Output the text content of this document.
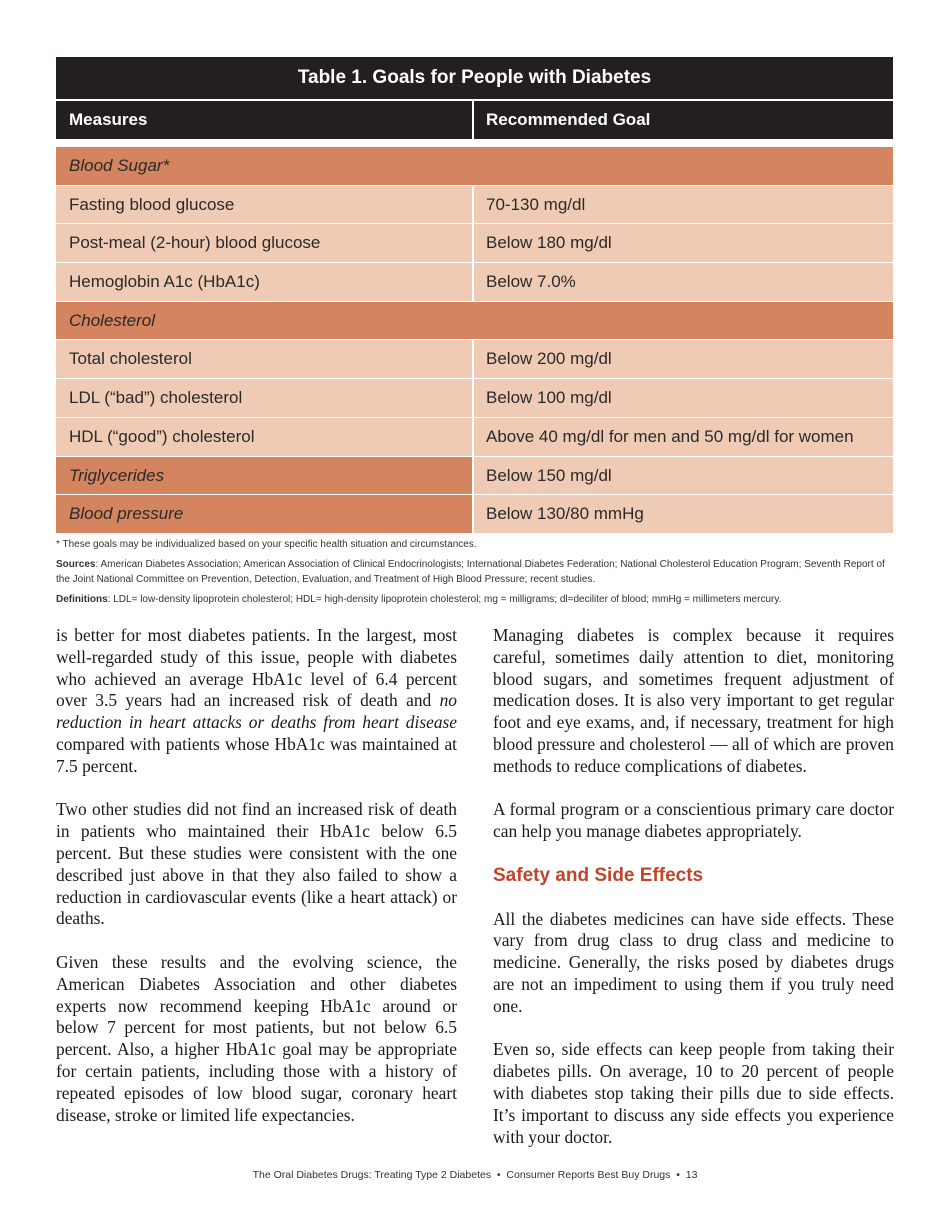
Table 1. Goals for People with Diabetes
Measures	Recommended Goal
Blood Sugar*
Fasting blood glucose	70-130 mg/dl
Post-meal (2-hour) blood glucose	Below 180 mg/dl
Hemoglobin A1c (HbA1c)	Below 7.0%
Cholesterol
Total cholesterol	Below 200 mg/dl
LDL (“bad”) cholesterol	Below 100 mg/dl
HDL (“good”) cholesterol	Above 40 mg/dl for men and 50 mg/dl for women
Triglycerides	Below 150 mg/dl
Blood pressure	Below 130/80 mmHg

* These goals may be individualized based on your specific health situation and circumstances.

Sources: American Diabetes Association; American Association of Clinical Endocrinologists; International Diabetes Federation; National Cholesterol Education Program; Seventh Report of the Joint National Committee on Prevention, Detection, Evaluation, and Treatment of High Blood Pressure; recent studies.

Definitions: LDL= low-density lipoprotein cholesterol; HDL= high-density lipoprotein cholesterol; mg = milligrams; dl=deciliter of blood; mmHg = millimeters mercury.

is better for most diabetes patients. In the largest, most well-regarded study of this issue, people with diabetes who achieved an average HbA1c level of 6.4 percent over 3.5 years had an increased risk of death and no reduction in heart attacks or deaths from heart disease compared with patients whose HbA1c was maintained at 7.5 percent.

Two other studies did not find an increased risk of death in patients who maintained their HbA1c below 6.5 percent. But these studies were consistent with the one described just above in that they also failed to show a reduction in cardiovascular events (like a heart attack) or deaths.

Given these results and the evolving science, the American Diabetes Association and other diabetes experts now recommend keeping HbA1c around or below 7 percent for most patients, but not below 6.5 percent. Also, a higher HbA1c goal may be appropriate for certain patients, including those with a history of repeated episodes of low blood sugar, coronary heart disease, stroke or limited life expectancies.

Managing diabetes is complex because it requires careful, sometimes daily attention to diet, monitoring blood sugars, and sometimes frequent adjustment of medication doses. It is also very important to get regular foot and eye exams, and, if necessary, treatment for high blood pressure and cholesterol — all of which are proven methods to reduce complications of diabetes.

A formal program or a conscientious primary care doctor can help you manage diabetes appropriately.

Safety and Side Effects

All the diabetes medicines can have side effects. These vary from drug class to drug class and medicine to medicine. Generally, the risks posed by diabetes drugs are not an impediment to using them if you truly need one.

Even so, side effects can keep people from taking their diabetes pills. On average, 10 to 20 percent of people with diabetes stop taking their pills due to side effects. It’s important to discuss any side effects you experience with your doctor.

The Oral Diabetes Drugs: Treating Type 2 Diabetes  •  Consumer Reports Best Buy Drugs  •  13
